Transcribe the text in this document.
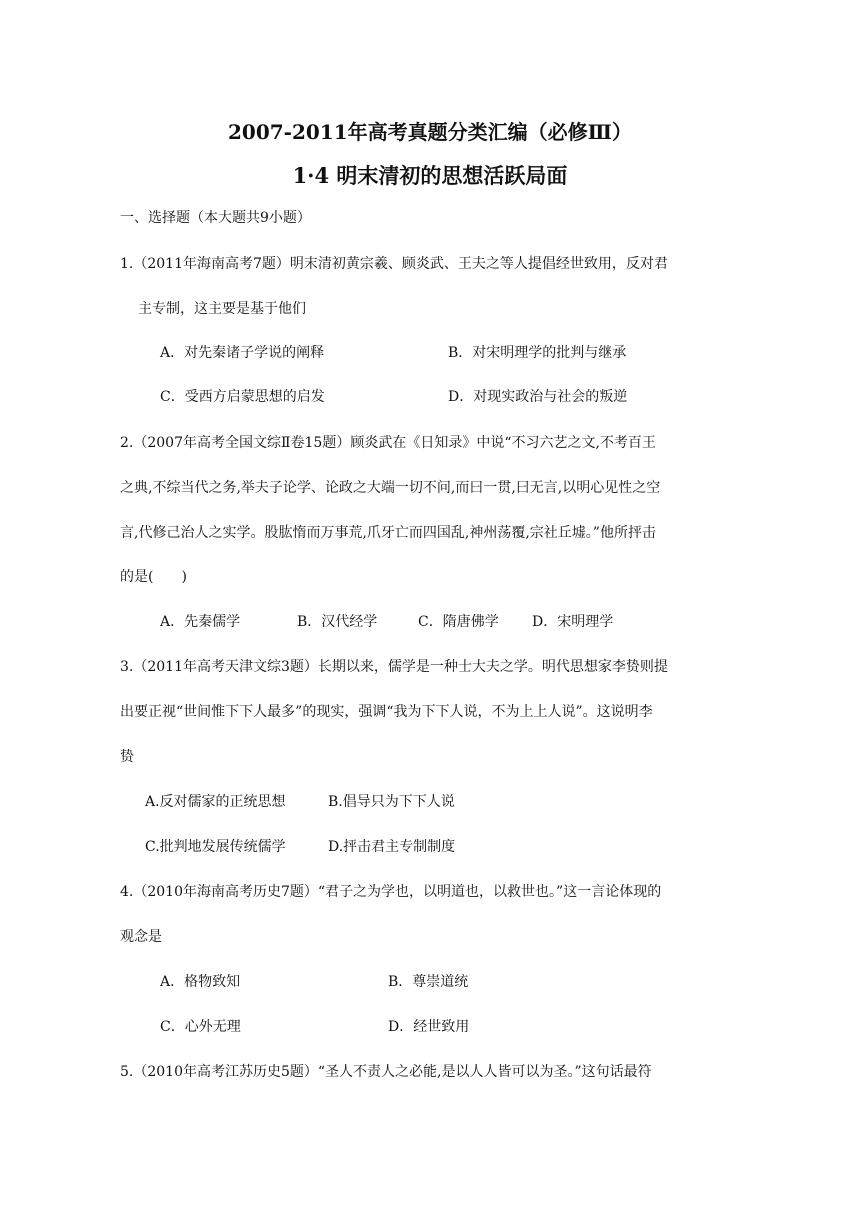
2007-2011年高考真题分类汇编（必修Ⅲ）
1·4 明末清初的思想活跃局面
一、选择题（本大题共9小题）
1.（2011年海南高考7题）明末清初黄宗羲、顾炎武、王夫之等人提倡经世致用，反对君
主专制，这主要是基于他们
A．对先秦诸子学说的阐释	B．对宋明理学的批判与继承
C．受西方启蒙思想的启发	D．对现实政治与社会的叛逆
2.（2007年高考全国文综Ⅱ卷15题）顾炎武在《日知录》中说“不习六艺之文,不考百王
之典,不综当代之务,举夫子论学、论政之大端一切不问,而曰一贯,曰无言,以明心见性之空
言,代修己治人之实学。股肱惰而万事荒,爪牙亡而四国乱,神州荡覆,宗社丘墟。”他所抨击
的是(　　)
A．先秦儒学	B．汉代经学	C．隋唐佛学 D．宋明理学
3.（2011年高考天津文综3题）长期以来，儒学是一种士大夫之学。明代思想家李贽则提
出要正视“世间惟下下人最多”的现实，强调“我为下下人说，不为上上人说”。这说明李
贽
A.反对儒家的正统思想	B.倡导只为下下人说
C.批判地发展传统儒学	D.抨击君主专制制度
4.（2010年海南高考历史7题）“君子之为学也，以明道也，以救世也。”这一言论体现的
观念是
A．格物致知	B．尊崇道统
C．心外无理	D．经世致用
5.（2010年高考江苏历史5题）“圣人不责人之必能,是以人人皆可以为圣。”这句话最符
